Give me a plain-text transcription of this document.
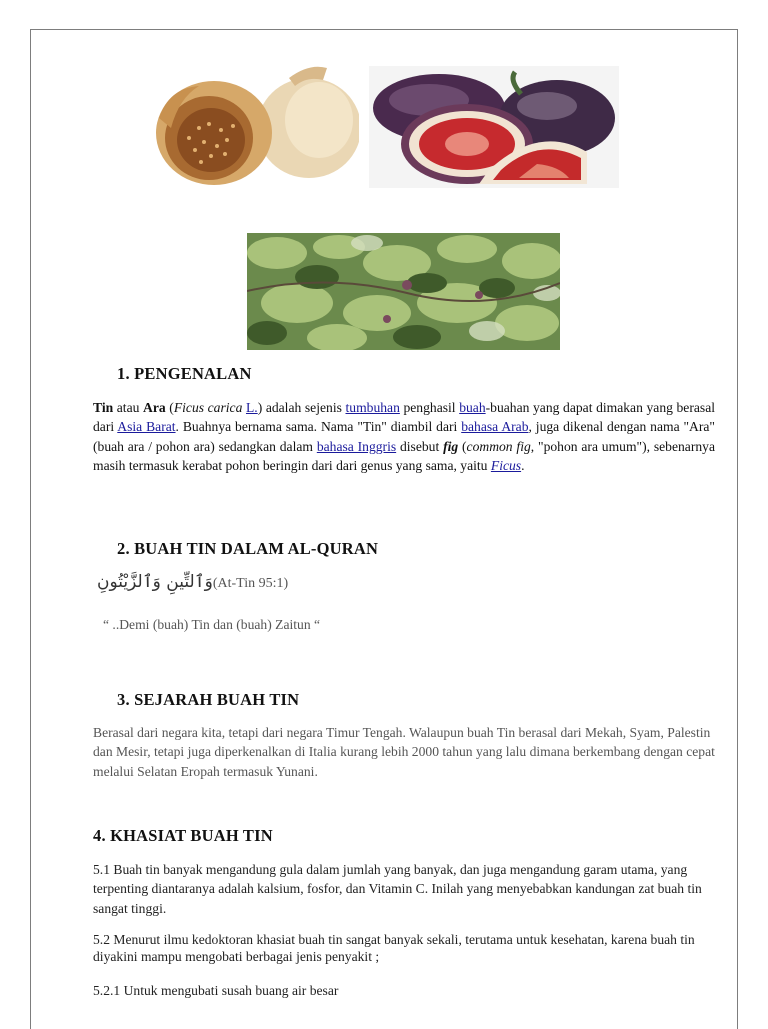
1. PENGENALAN
Tin atau Ara (Ficus carica L.) adalah sejenis tumbuhan penghasil buah-buahan yang dapat dimakan yang berasal dari Asia Barat. Buahnya bernama sama. Nama "Tin" diambil dari bahasa Arab, juga dikenal dengan nama "Ara" (buah ara / pohon ara) sedangkan dalam bahasa Inggris disebut fig (common fig, "pohon ara umum"), sebenarnya masih termasuk kerabat pohon beringin dari dari genus yang sama, yaitu Ficus.
2. BUAH TIN DALAM AL-QURAN
وَٱلتِّينِ وَٱلزَّيْتُونِ(At-Tin 95:1)
“ ..Demi (buah) Tin dan (buah) Zaitun “
3. SEJARAH BUAH TIN
Berasal dari negara kita, tetapi dari negara Timur Tengah. Walaupun buah Tin berasal dari Mekah, Syam, Palestin dan Mesir, tetapi juga diperkenalkan di Italia kurang lebih 2000 tahun yang lalu dimana berkembang dengan cepat melalui Selatan Eropah termasuk Yunani.
4. KHASIAT BUAH TIN
5.1 Buah tin banyak mengandung gula dalam jumlah yang banyak, dan juga mengandung garam utama, yang terpenting diantaranya adalah kalsium, fosfor, dan Vitamin C. Inilah yang menyebabkan kandungan zat buah tin sangat tinggi.
5.2 Menurut ilmu kedoktoran khasiat buah tin sangat banyak sekali, terutama untuk kesehatan, karena buah tin diyakini mampu mengobati berbagai jenis penyakit ;
5.2.1 Untuk mengubati susah buang air besar
